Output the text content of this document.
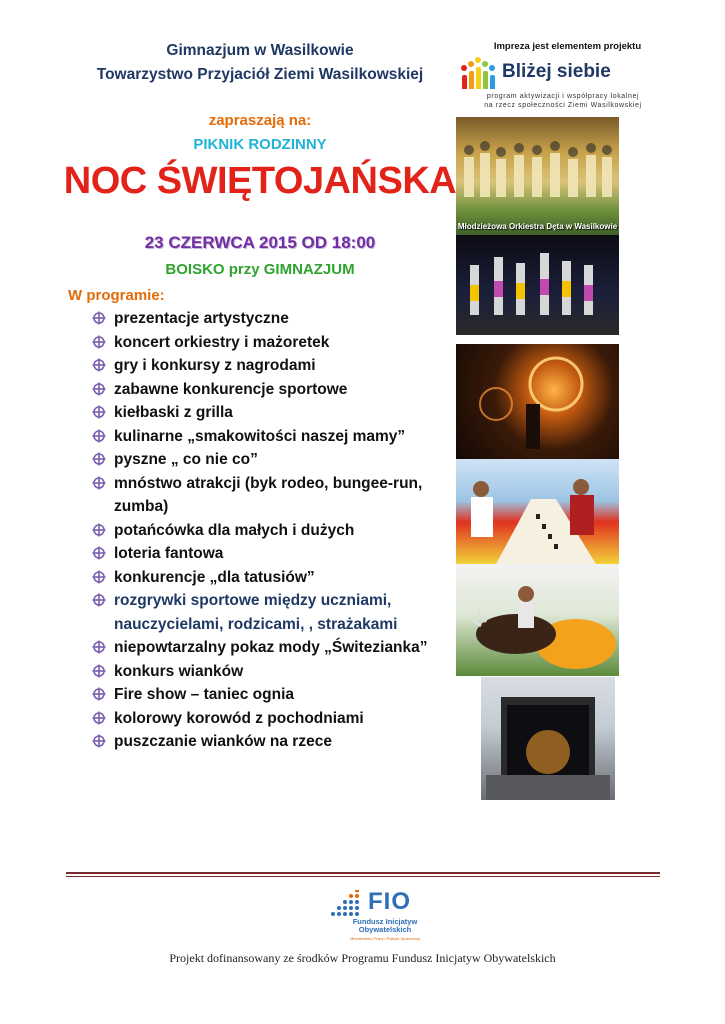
Gimnazjum w Wasilkowie
Towarzystwo Przyjaciół Ziemi Wasilkowskiej
zapraszają na:
PIKNIK RODZINNY
NOC ŚWIĘTOJAŃSKA
23 CZERWCA 2015 OD 18:00
BOISKO przy GIMNAZJUM
W programie:
prezentacje artystyczne
koncert orkiestry i mażoretek
gry i konkursy z nagrodami
zabawne konkurencje sportowe
kiełbaski z grilla
kulinarne „smakowitości naszej mamy”
pyszne „ co nie co”
mnóstwo atrakcji (byk rodeo, bungee-run, zumba)
potańcówka dla małych i dużych
loteria fantowa
konkurencje „dla tatusiów”
rozgrywki sportowe między uczniami, nauczycielami, rodzicami, , strażakami
niepowtarzalny pokaz mody „Świtezianka”
konkurs wianków
Fire show – taniec ognia
kolorowy korowód z pochodniami
puszczanie wianków na rzece
Impreza jest elementem projektu
Bliżej siebie
program aktywizacji i współpracy lokalnej
na rzecz społeczności Ziemi Wasilkowskiej
Młodzieżowa Orkiestra Dęta w Wasilkowie
FIO
Fundusz Inicjatyw
Obywatelskich
Ministerstwo Pracy i Polityki Społecznej
Projekt dofinansowany ze środków Programu Fundusz Inicjatyw Obywatelskich
